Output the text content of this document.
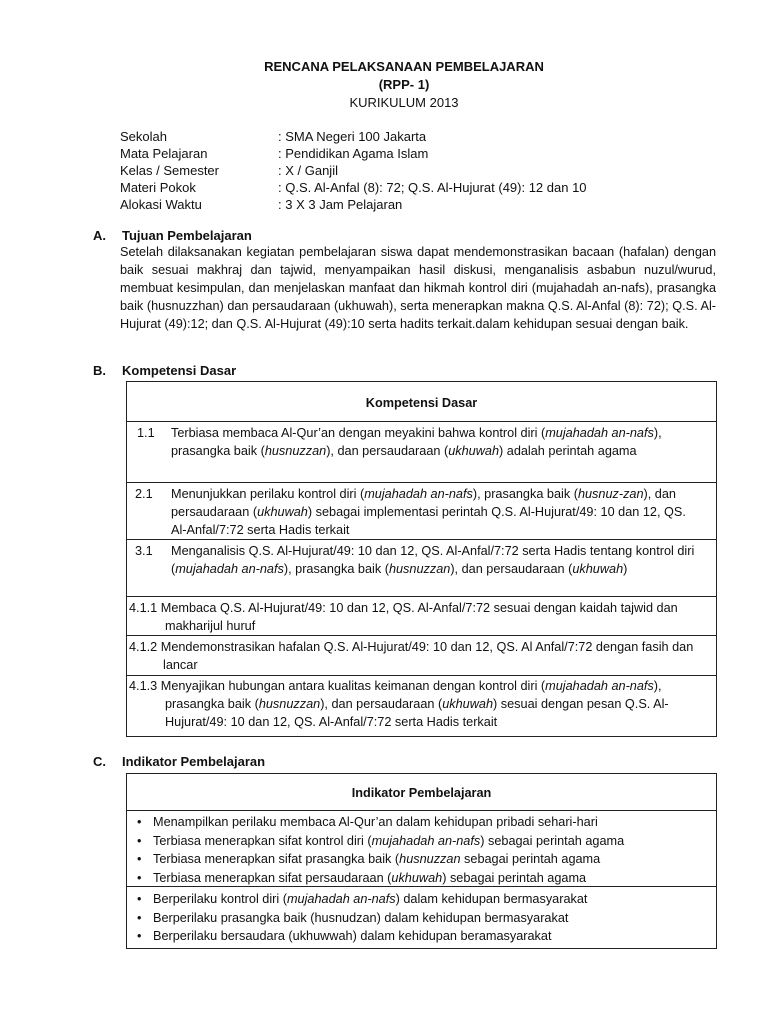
RENCANA PELAKSANAAN PEMBELAJARAN
(RPP- 1)
KURIKULUM 2013
Sekolah	: SMA Negeri 100 Jakarta
Mata Pelajaran	: Pendidikan Agama Islam
Kelas / Semester	: X / Ganjil
Materi Pokok	: Q.S. Al-Anfal (8): 72; Q.S. Al-Hujurat (49): 12 dan 10
Alokasi Waktu	: 3 X 3 Jam Pelajaran
A. Tujuan Pembelajaran
Setelah dilaksanakan kegiatan pembelajaran siswa dapat mendemonstrasikan bacaan (hafalan) dengan baik sesuai makhraj dan tajwid, menyampaikan hasil diskusi, menganalisis asbabun nuzul/wurud, membuat kesimpulan, dan menjelaskan manfaat dan hikmah kontrol diri (mujahadah an-nafs), prasangka baik (husnuzzhan) dan persaudaraan (ukhuwah), serta menerapkan makna Q.S. Al-Anfal (8): 72); Q.S. Al-Hujurat (49):12; dan Q.S. Al-Hujurat (49):10 serta hadits terkait.dalam kehidupan sesuai dengan baik.
B. Kompetensi Dasar
Kompetensi Dasar
1.1 Terbiasa membaca Al-Qur’an dengan meyakini bahwa kontrol diri (mujahadah an-nafs), prasangka baik (husnuzzan), dan persaudaraan (ukhuwah) adalah perintah agama
2.1 Menunjukkan perilaku kontrol diri (mujahadah an-nafs), prasangka baik (husnuz-zan), dan persaudaraan (ukhuwah) sebagai implementasi perintah Q.S. Al-Hujurat/49: 10 dan 12, QS. Al-Anfal/7:72 serta Hadis terkait
3.1 Menganalisis Q.S. Al-Hujurat/49: 10 dan 12, QS. Al-Anfal/7:72 serta Hadis tentang kontrol diri (mujahadah an-nafs), prasangka baik (husnuzzan), dan persaudaraan (ukhuwah)
4.1.1 Membaca Q.S. Al-Hujurat/49: 10 dan 12, QS. Al-Anfal/7:72 sesuai dengan kaidah tajwid dan makharijul huruf
4.1.2 Mendemonstrasikan hafalan Q.S. Al-Hujurat/49: 10 dan 12, QS. Al Anfal/7:72 dengan fasih dan lancar
4.1.3 Menyajikan hubungan antara kualitas keimanan dengan kontrol diri (mujahadah an-nafs), prasangka baik (husnuzzan), dan persaudaraan (ukhuwah) sesuai dengan pesan Q.S. Al-Hujurat/49: 10 dan 12, QS. Al-Anfal/7:72 serta Hadis terkait
C. Indikator Pembelajaran
Indikator Pembelajaran
• Menampilkan perilaku membaca Al-Qur’an dalam kehidupan pribadi sehari-hari
• Terbiasa menerapkan sifat kontrol diri (mujahadah an-nafs) sebagai perintah agama
• Terbiasa menerapkan sifat prasangka baik (husnuzzan sebagai perintah agama
• Terbiasa menerapkan sifat persaudaraan (ukhuwah) sebagai perintah agama
• Berperilaku kontrol diri (mujahadah an-nafs) dalam kehidupan bermasyarakat
• Berperilaku prasangka baik (husnudzan) dalam kehidupan bermasyarakat
• Berperilaku bersaudara (ukhuwwah) dalam kehidupan beramasyarakat
